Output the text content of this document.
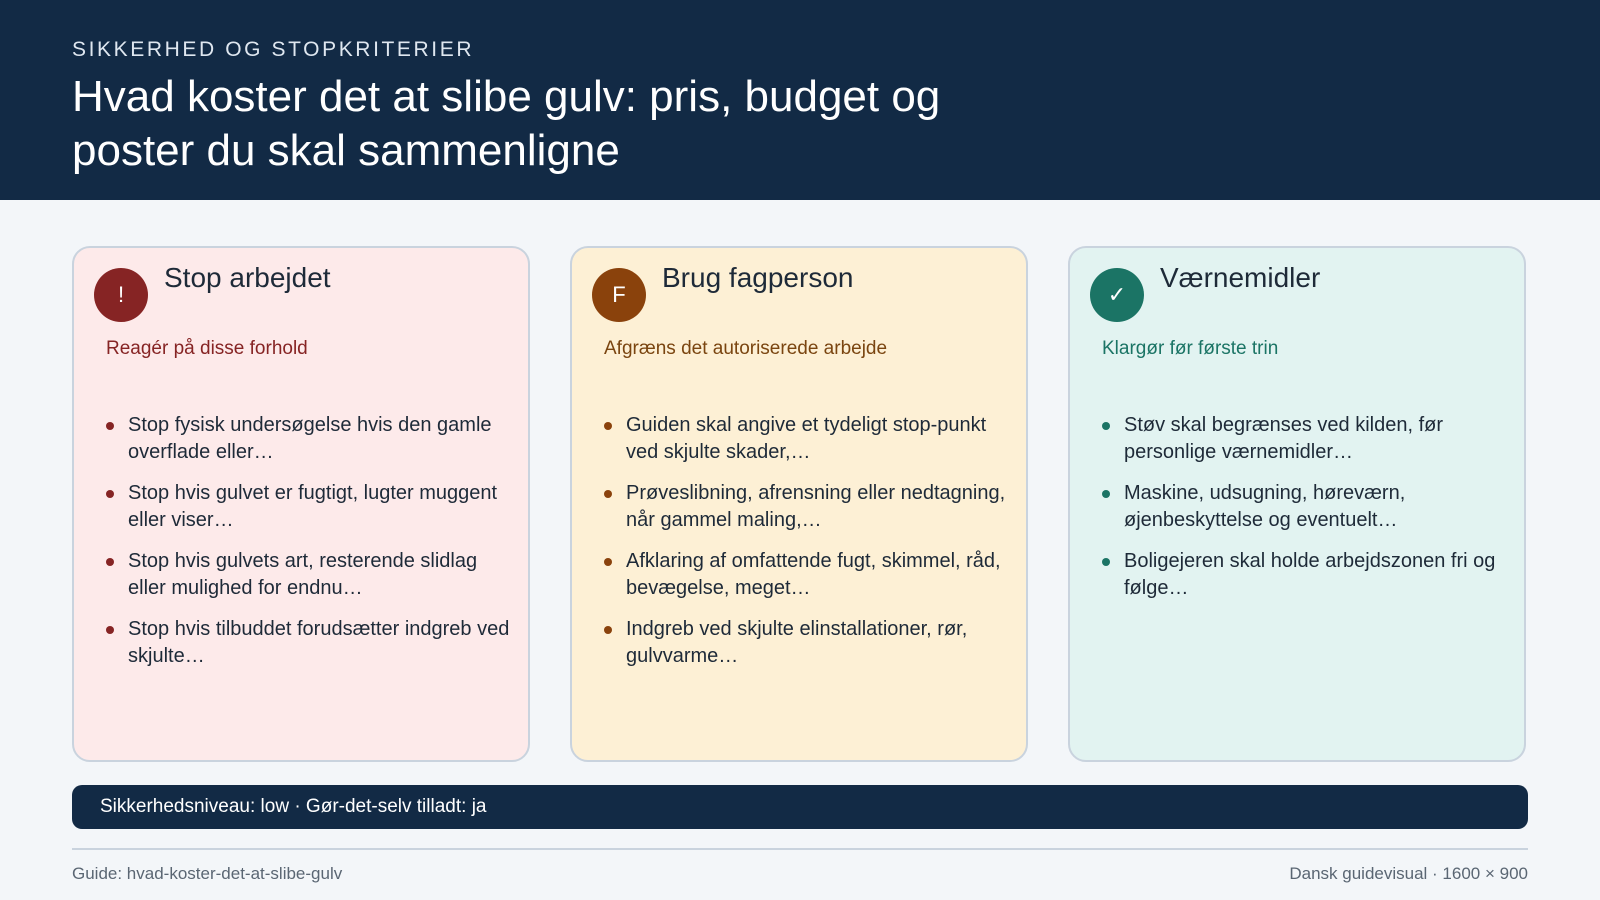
SIKKERHED OG STOPKRITERIER
Hvad koster det at slibe gulv: pris, budget og poster du skal sammenligne
!
Stop arbejdet
Reagér på disse forhold
Stop fysisk undersøgelse hvis den gamle overflade eller…
Stop hvis gulvet er fugtigt, lugter muggent eller viser…
Stop hvis gulvets art, resterende slidlag eller mulighed for endnu…
Stop hvis tilbuddet forudsætter indgreb ved skjulte…
F
Brug fagperson
Afgræns det autoriserede arbejde
Guiden skal angive et tydeligt stop-punkt ved skjulte skader,…
Prøveslibning, afrensning eller nedtagning, når gammel maling,…
Afklaring af omfattende fugt, skimmel, råd, bevægelse, meget…
Indgreb ved skjulte elinstallationer, rør, gulvvarme…
✓
Værnemidler
Klargør før første trin
Støv skal begrænses ved kilden, før personlige værnemidler…
Maskine, udsugning, høreværn, øjenbeskyttelse og eventuelt…
Boligejeren skal holde arbejdszonen fri og følge…
Sikkerhedsniveau: low · Gør-det-selv tilladt: ja
Guide: hvad-koster-det-at-slibe-gulv	Dansk guidevisual · 1600 × 900
